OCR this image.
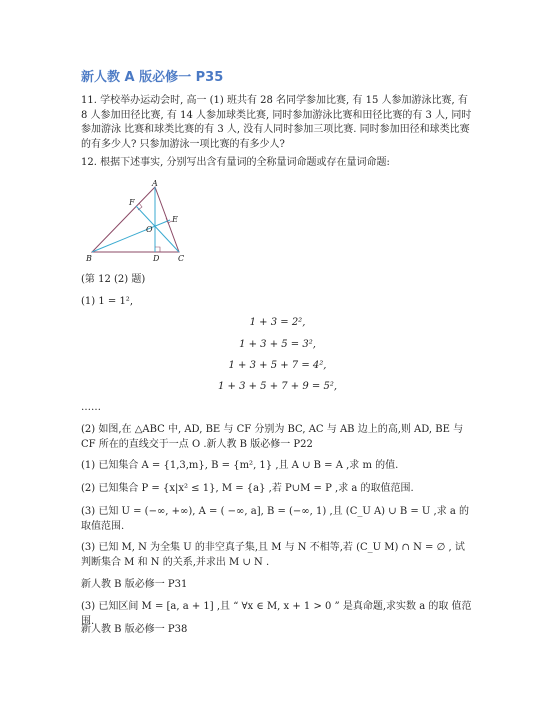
新人教 A 版必修一 P35
11. 学校举办运动会时, 高一 (1) 班共有 28 名同学参加比赛, 有 15 人参加游泳比赛, 有 8 人参加田径比赛, 有 14 人参加球类比赛, 同时参加游泳比赛和田径比赛的有 3 人, 同时参加游泳 比赛和球类比赛的有 3 人, 没有人同时参加三项比赛. 同时参加田径和球类比赛的有多少人? 只参加游泳一项比赛的有多少人?
12. 根据下述事实, 分别写出含有量词的全称量词命题或存在量词命题:
A
B	C
D
E
F
O
(第 12 (2) 题)
(1) 1 = 1²,
1 + 3 = 2²,
1 + 3 + 5 = 3²,
1 + 3 + 5 + 7 = 4²,
1 + 3 + 5 + 7 + 9 = 5²,
……
(2) 如图,在 △ABC 中, AD, BE 与 CF 分别为 BC, AC 与 AB 边上的高,则 AD, BE 与 CF 所在的直线交于一点 O .新人教 B 版必修一 P22
(1) 已知集合 A = {1,3,m}, B = {m², 1} ,且 A ∪ B = A ,求 m 的值.
(2) 已知集合 P = {x|x² ≤ 1}, M = {a} ,若 P∪M = P ,求 a 的取值范围.
(3) 已知 U = (−∞, +∞), A = ( −∞, a], B = (−∞, 1) ,且 (C_U A) ∪ B = U ,求 a 的取值范围.
(3) 已知 M, N 为全集 U 的非空真子集,且 M 与 N 不相等,若 (C_U M) ∩ N = ∅ , 试判断集合 M 和 N 的关系,并求出 M ∪ N .
新人教 B 版必修一 P31
(3) 已知区间 M = [a, a + 1] ,且 “ ∀x ∈ M, x + 1 > 0 ” 是真命题,求实数 a 的取 值范围.
新人教 B 版必修一 P38
